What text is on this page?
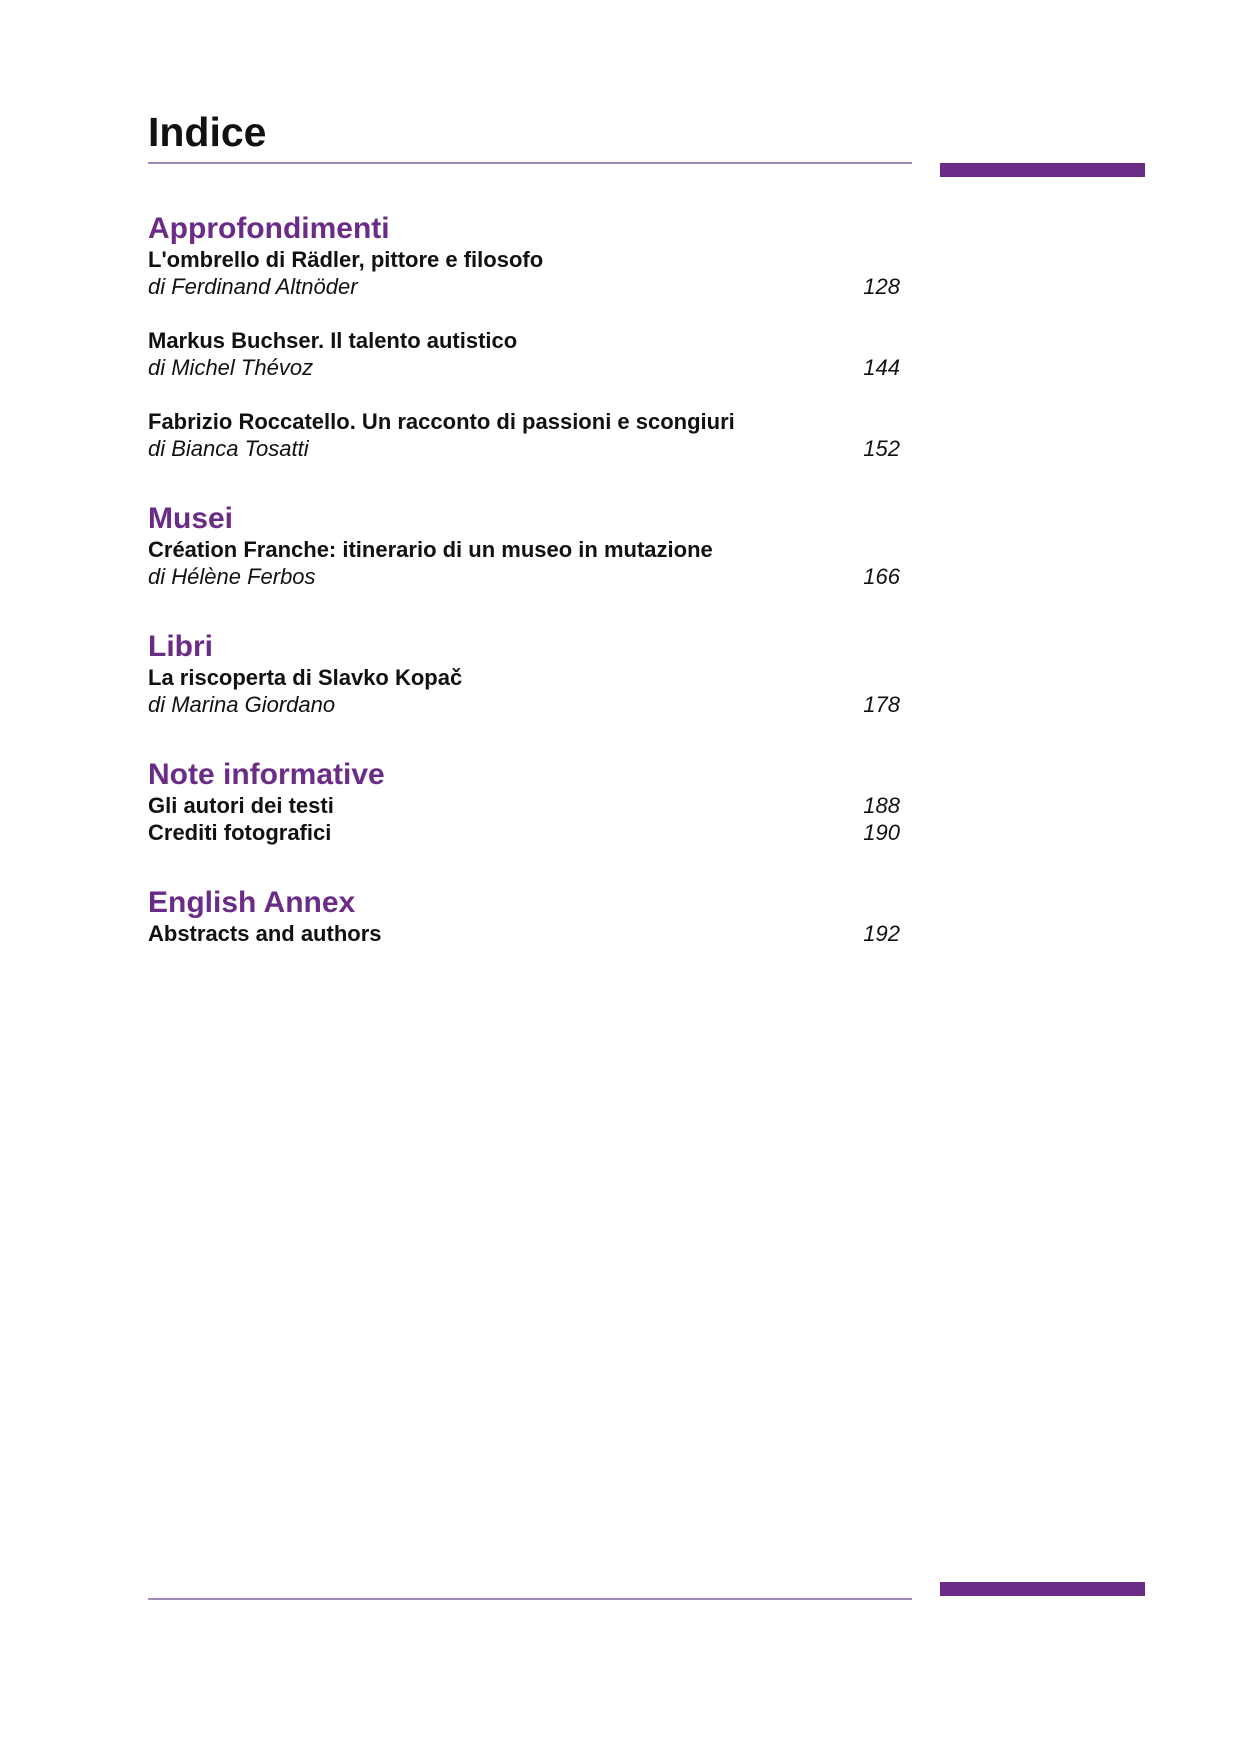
Indice
Approfondimenti
L'ombrello di Rädler, pittore e filosofo
di Ferdinand Altnöder	128
Markus Buchser. Il talento autistico
di Michel Thévoz	144
Fabrizio Roccatello. Un racconto di passioni e scongiuri
di Bianca Tosatti	152
Musei
Création Franche: itinerario di un museo in mutazione
di Hélène Ferbos	166
Libri
La riscoperta di Slavko Kopač
di Marina Giordano	178
Note informative
Gli autori dei testi	188
Crediti fotografici	190
English Annex
Abstracts and authors	192
